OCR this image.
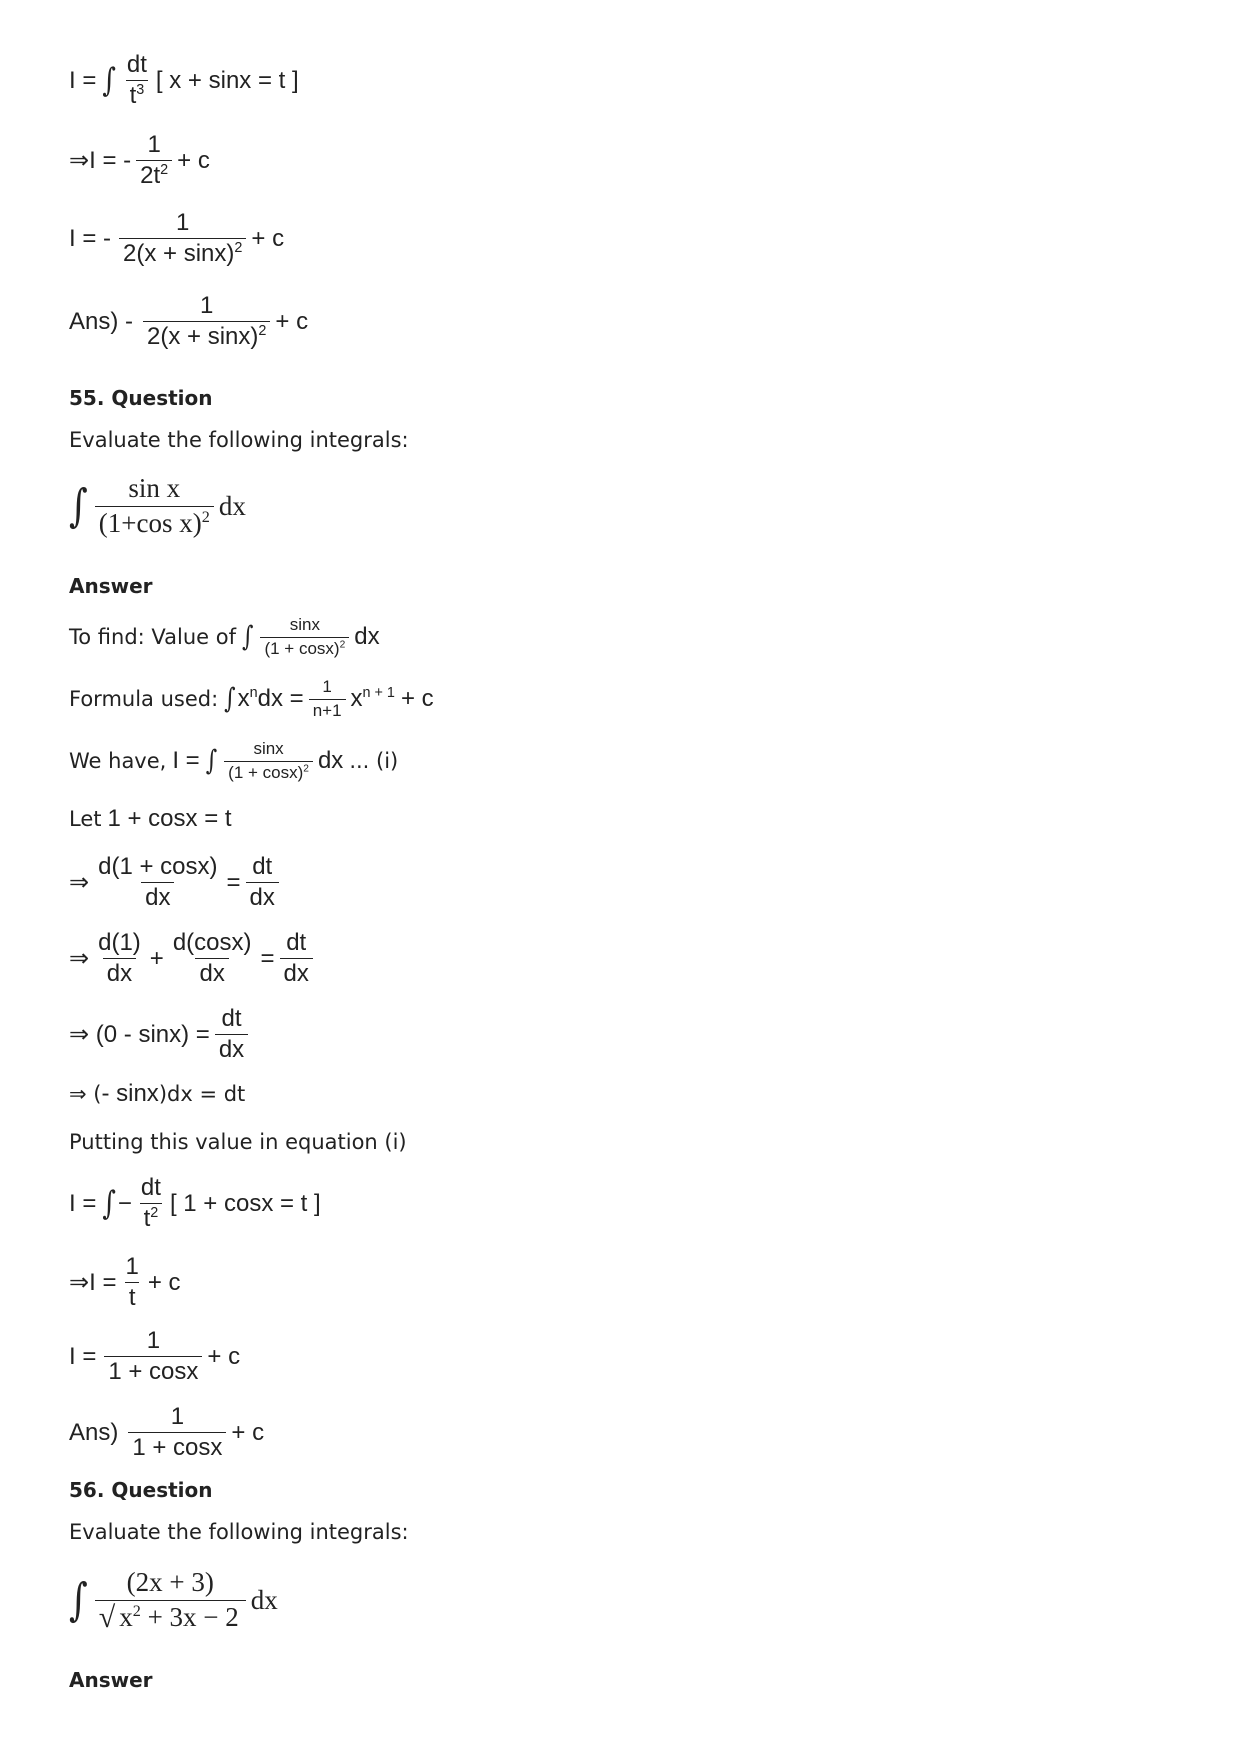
I = ∫ $\frac{dt}{t^3}$ [ x + sinx = t ]
⇒I = - $\frac{1}{2t^2} + c$
I = - $\frac{1}{2(x + \sin x)^2} + c$
$Ans) - \frac{1}{2(x + \sin x)^2} + c$
55. Question
Evaluate the following integrals:
∫ $\frac{\text{sin x}}{(1+\cos x)^2}$ dx
Answer
To find: Value of ∫ $\frac{\sin x}{(1 + \cos x)^2}$ dx
Formula used: ∫ $x^ndx = \frac{1}{n+1} x^{n + 1} + c$
We have, I = ∫ $\frac{\sin x}{(1 + \cos x)^2}$ dx ... (i)
Let 1 + cosx = t
⇒ $\frac{d(1 + \cos x)}{dx} = \frac{dt}{dx}$
⇒ $\frac{d(1)}{dx} + \frac{d(\cos x)}{dx} = \frac{dt}{dx}$
⇒ $(0 - \sin x) = \frac{dt}{dx}$
⇒ ( - sinx )dx = dt
Putting this value in equation (i)
I = ∫ − $\frac{dt}{t^2}$ [ 1 + cosx = t ]
⇒I = $\frac{1}{t} + c$
$I = \frac{1}{1 + \cos x} + c$
$Ans) \frac{1}{1 + \cos x} + c$
56. Question
Evaluate the following integrals:
∫ $\frac{(2x + 3)}{√ x^2 + 3x - 2}$ dx
Answer
